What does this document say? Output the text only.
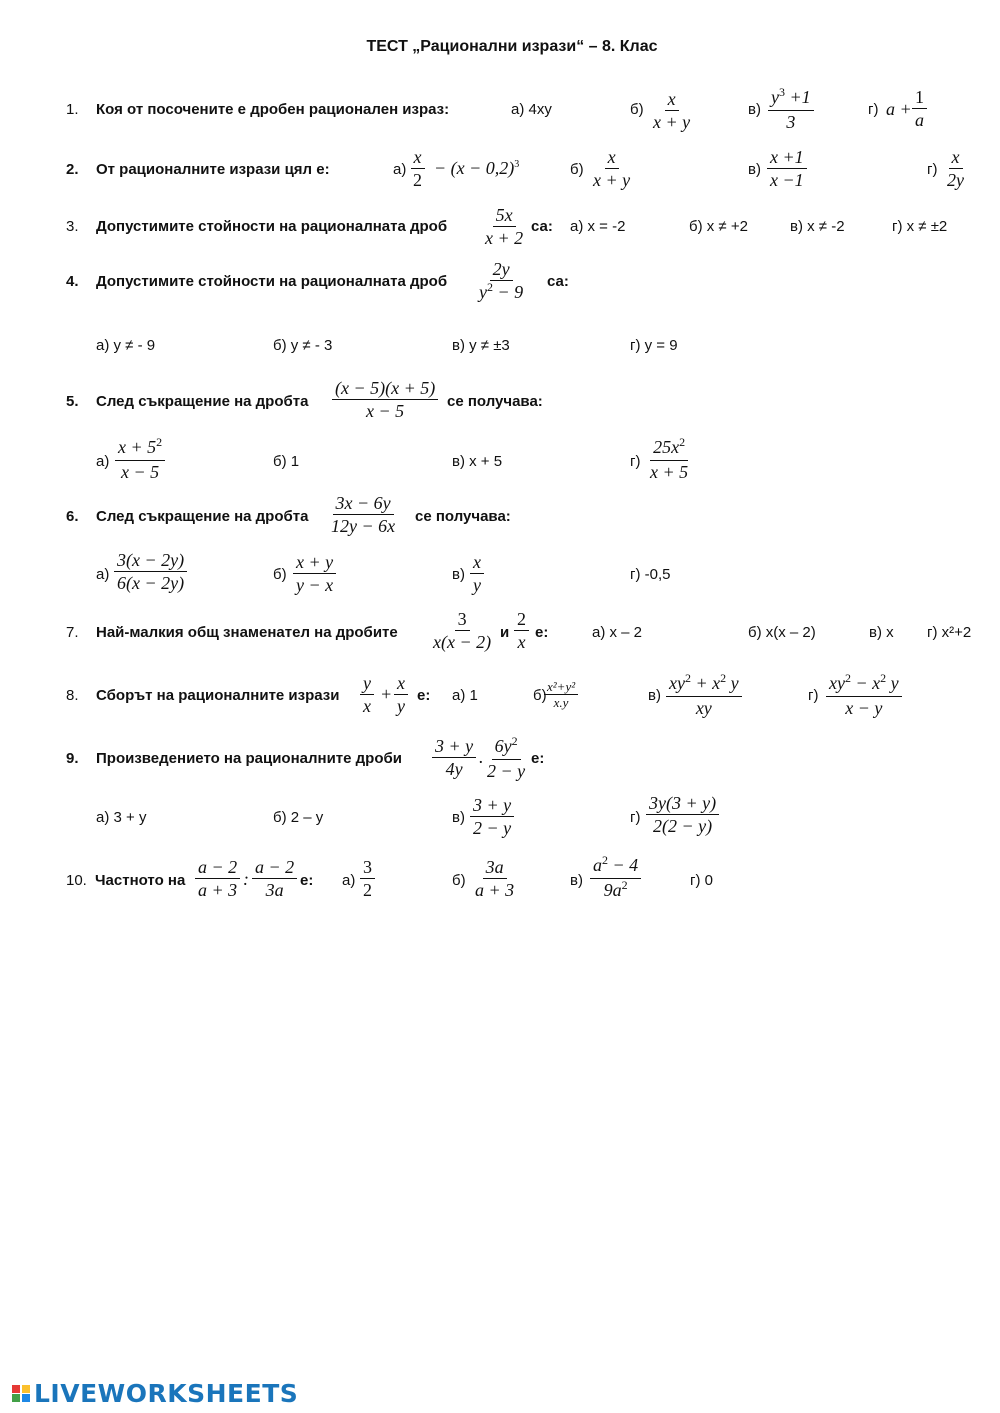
ТЕСТ „Рационални изрази“ – 8. Клас
1. Коя от посочените е дробен рационален израз:	а) 4xy	б)
x
x + y
в)
$y^3 +1$
3
г) a +
1
a
2. От рационалните изрази цял е:	а)
x
2
− $(x - 0,2)^3$	б)
x
x + y
в)
x +1
x −1
г)
x
2y
3. Допустимите стойности на рационалната дроб
5x
x + 2
са: а) x = -2	б) x ≠ +2	в) x ≠ -2	г) x ≠ ±2
4. Допустимите стойности на рационалната дроб
2y
$y^2 - 9$
са:
а) y ≠ - 9	б) y ≠ - 3	в) y ≠ ±3	г) y = 9
5. След съкращение на дробта
(x − 5)(x + 5)
x − 5	се получава:
а)
$x + 5^2$
x − 5
б) 1	в) x + 5	г)
$25x^2$
x + 5
6. След съкращение на дробта
3x − 6y
12y − 6x се получава:
а)
3(x − 2y)
6(x − 2y)	б)
x + y
y − x
в)
x
y
г) -0,5
7. Най-малкия общ знаменател на дробите
3
x(x − 2) и
2
x е:	а) x – 2	б) x(x – 2)	в) x г) x²+2
8. Сборът на рационалните изрази
y
x
+
x
y
е: а) 1	б)
x²+y²
x.y	в)
$xy^2 + x^2$ y
xy
г)
$xy^2 - x^2$ y
x − y
9. Произведението на рационалните дроби
3 + y
4y
.
$6y^2$
2 − y
е:
а) 3 + y	б) 2 – y	в)
3 + y
2 − y
г)
3y(3 + y)
2(2 − y)
10. Частното на
a − 2
a + 3
:
a − 2
3a е: а)
3
2	б)
3a
a + 3	в)
$a^2 - 4$
$9a^2$	г) 0
LIVEWORKSHEETS
